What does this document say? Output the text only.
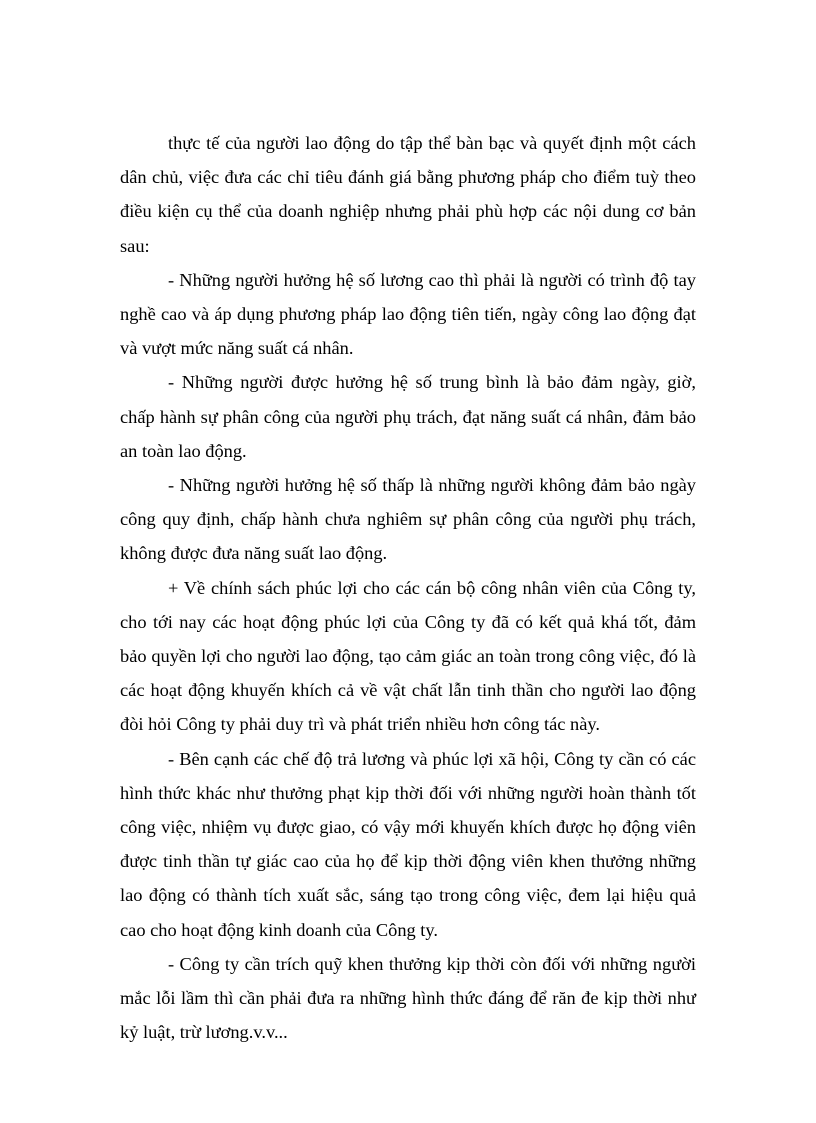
thực tế của người lao động do tập thể bàn bạc và quyết định một cách dân chủ, việc đưa các chỉ tiêu đánh giá bằng phương pháp cho điểm tuỳ theo điều kiện cụ thể của doanh nghiệp nhưng phải phù hợp các nội dung cơ bản sau:

- Những người hưởng hệ số lương cao thì phải là người có trình độ tay nghề cao và áp dụng phương pháp lao động tiên tiến, ngày công lao động đạt và vượt mức năng suất cá nhân.

- Những người được hưởng hệ số trung bình là bảo đảm ngày, giờ, chấp hành sự phân công của người phụ trách, đạt năng suất cá nhân, đảm bảo an toàn lao động.

- Những người hưởng hệ số thấp là những người không đảm bảo ngày công quy định, chấp hành chưa nghiêm sự phân công của người phụ trách, không được đưa năng suất lao động.

+ Về chính sách phúc lợi cho các cán bộ công nhân viên của Công ty, cho tới nay các hoạt động phúc lợi của Công ty đã có kết quả khá tốt, đảm bảo quyền lợi cho người lao động, tạo cảm giác an toàn trong công việc, đó là các hoạt động khuyến khích cả về vật chất lẫn tinh thần cho người lao động đòi hỏi Công ty phải duy trì và phát triển nhiều hơn công tác này.

- Bên cạnh các chế độ trả lương và phúc lợi xã hội, Công ty cần có các hình thức khác như thưởng phạt kịp thời đối với những người hoàn thành tốt công việc, nhiệm vụ được giao, có vậy mới khuyến khích được họ động viên được tinh thần tự giác cao của họ để kịp thời động viên khen thưởng những lao động có thành tích xuất sắc, sáng tạo trong công việc, đem lại hiệu quả cao cho hoạt động kinh doanh của Công ty.

- Công ty cần trích quỹ khen thưởng kịp thời còn đối với những người mắc lỗi lầm thì cần phải đưa ra những hình thức đáng để răn đe kịp thời như kỷ luật, trừ lương.v.v...
